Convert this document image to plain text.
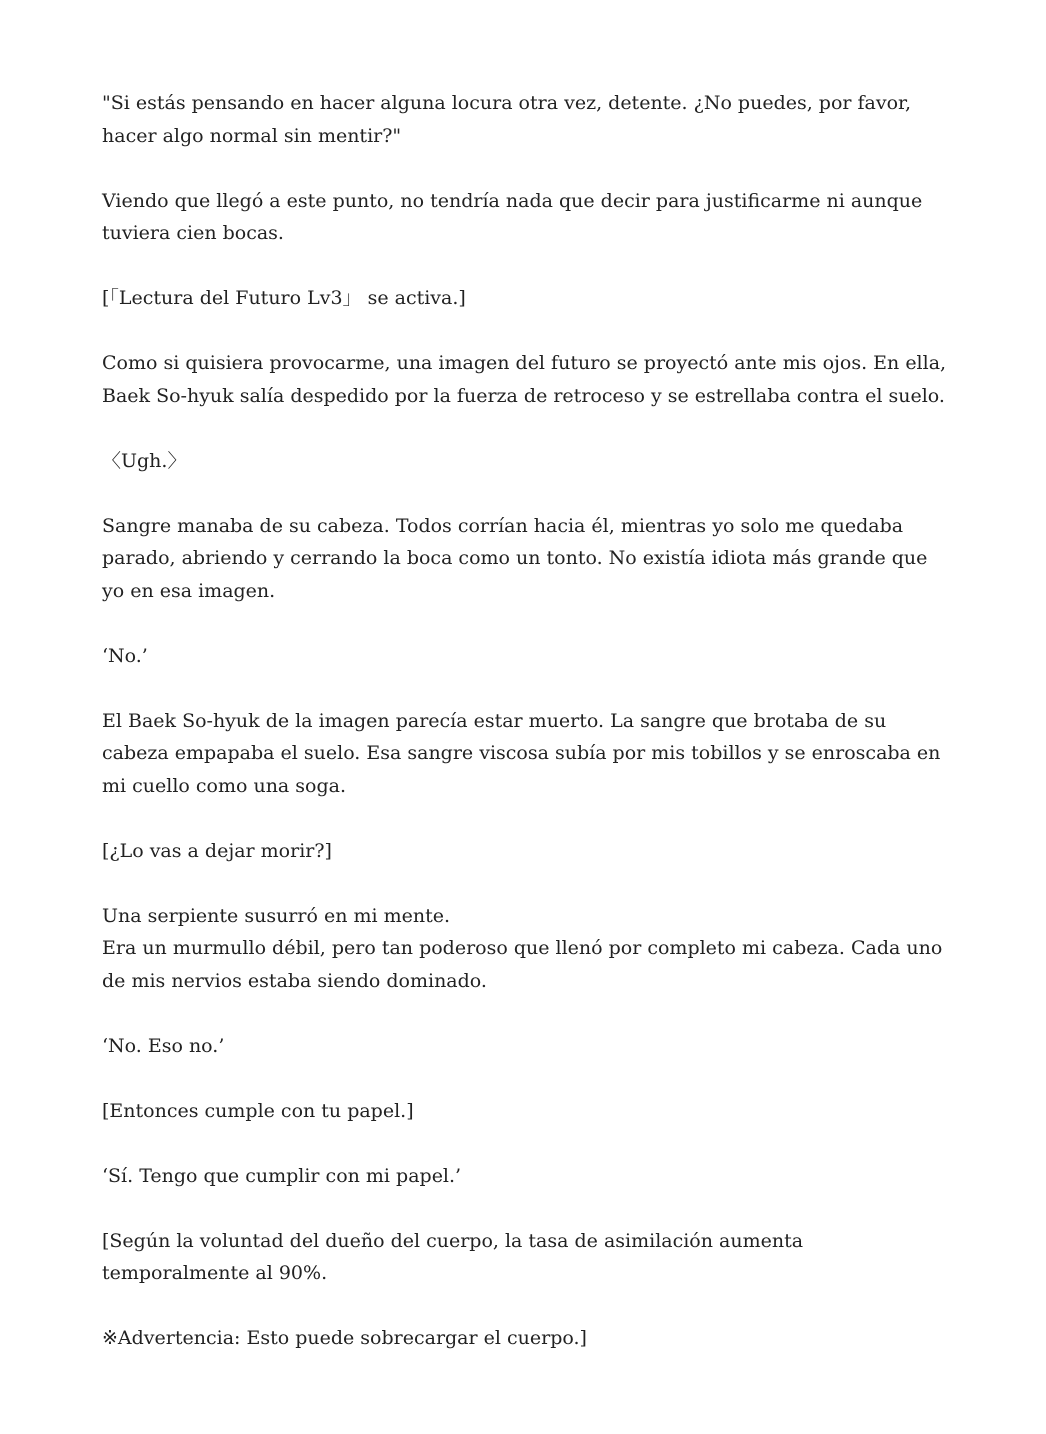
"Si estás pensando en hacer alguna locura otra vez, detente. ¿No puedes, por favor, hacer algo normal sin mentir?"

Viendo que llegó a este punto, no tendría nada que decir para justificarme ni aunque tuviera cien bocas.

[「Lectura del Futuro Lv3」 se activa.]

Como si quisiera provocarme, una imagen del futuro se proyectó ante mis ojos. En ella, Baek So-hyuk salía despedido por la fuerza de retroceso y se estrellaba contra el suelo.

〈Ugh.〉

Sangre manaba de su cabeza. Todos corrían hacia él, mientras yo solo me quedaba parado, abriendo y cerrando la boca como un tonto. No existía idiota más grande que yo en esa imagen.

‘No.’

El Baek So-hyuk de la imagen parecía estar muerto. La sangre que brotaba de su cabeza empapaba el suelo. Esa sangre viscosa subía por mis tobillos y se enroscaba en mi cuello como una soga.

[¿Lo vas a dejar morir?]

Una serpiente susurró en mi mente.
Era un murmullo débil, pero tan poderoso que llenó por completo mi cabeza. Cada uno de mis nervios estaba siendo dominado.

‘No. Eso no.’

[Entonces cumple con tu papel.]

‘Sí. Tengo que cumplir con mi papel.’

[Según la voluntad del dueño del cuerpo, la tasa de asimilación aumenta temporalmente al 90%.

※Advertencia: Esto puede sobrecargar el cuerpo.]
